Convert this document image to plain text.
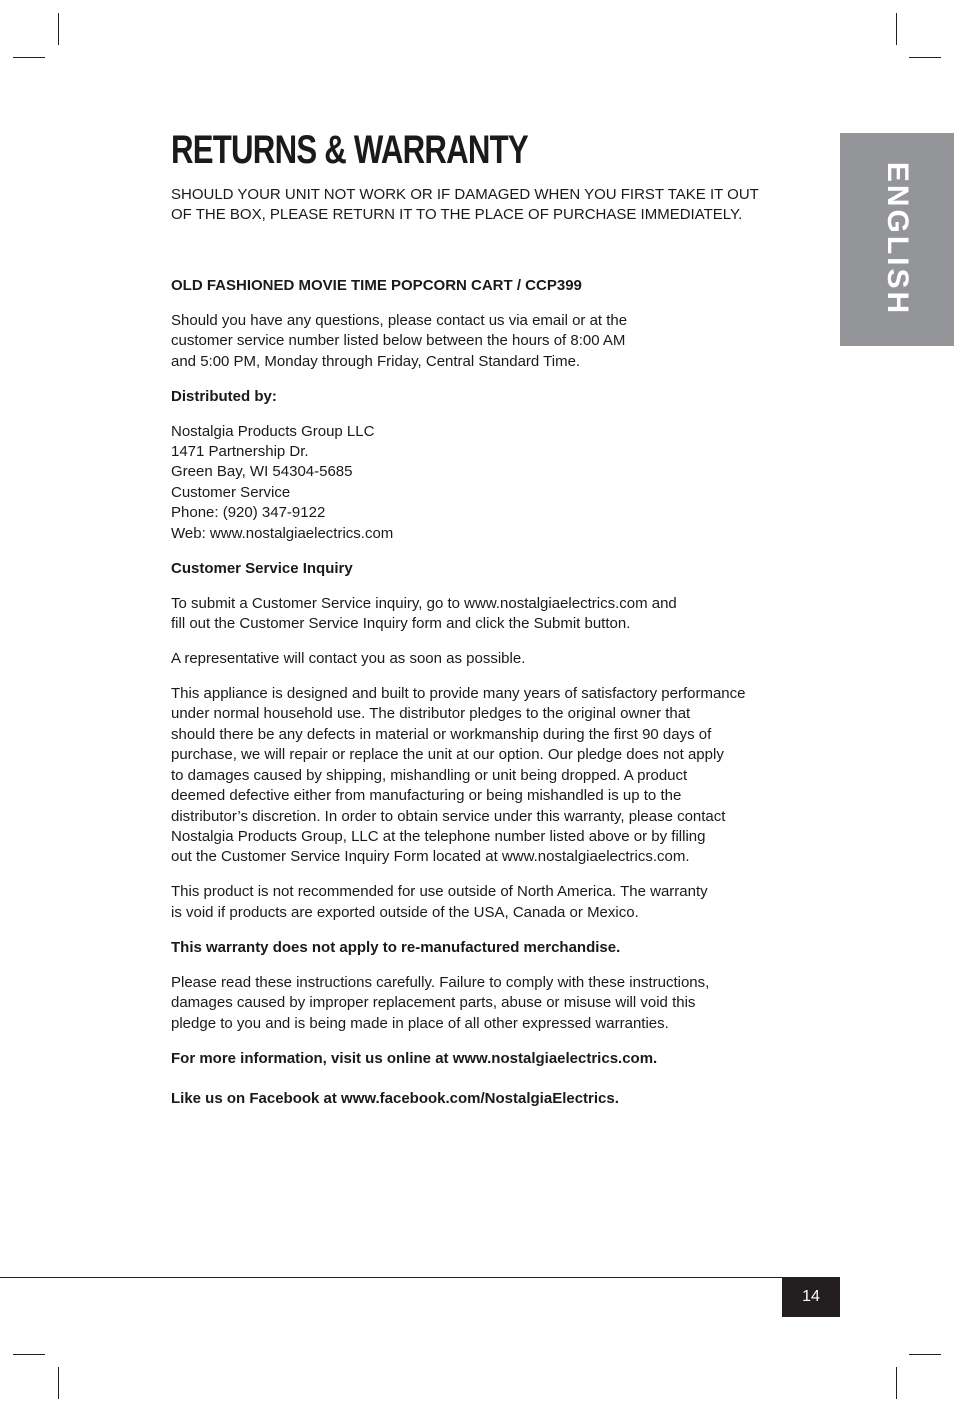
RETURNS & WARRANTY

SHOULD YOUR UNIT NOT WORK OR IF DAMAGED WHEN YOU FIRST TAKE IT OUT
OF THE BOX, PLEASE RETURN IT TO THE PLACE OF PURCHASE IMMEDIATELY.

OLD FASHIONED MOVIE TIME POPCORN CART / CCP399

Should you have any questions, please contact us via email or at the
customer service number listed below between the hours of 8:00 AM
and 5:00 PM, Monday through Friday, Central Standard Time.

Distributed by:

Nostalgia Products Group LLC
1471 Partnership Dr.
Green Bay, WI 54304-5685
Customer Service
Phone: (920) 347-9122
Web: www.nostalgiaelectrics.com

Customer Service Inquiry

To submit a Customer Service inquiry, go to www.nostalgiaelectrics.com and
fill out the Customer Service Inquiry form and click the Submit button.

A representative will contact you as soon as possible.

This appliance is designed and built to provide many years of satisfactory performance
under normal household use. The distributor pledges to the original owner that
should there be any defects in material or workmanship during the first 90 days of
purchase, we will repair or replace the unit at our option. Our pledge does not apply
to damages caused by shipping, mishandling or unit being dropped. A product
deemed defective either from manufacturing or being mishandled is up to the
distributor’s discretion. In order to obtain service under this warranty, please contact
Nostalgia Products Group, LLC at the telephone number listed above or by filling
out the Customer Service Inquiry Form located at www.nostalgiaelectrics.com.

This product is not recommended for use outside of North America. The warranty
is void if products are exported outside of the USA, Canada or Mexico.

This warranty does not apply to re-manufactured merchandise.

Please read these instructions carefully. Failure to comply with these instructions,
damages caused by improper replacement parts, abuse or misuse will void this
pledge to you and is being made in place of all other expressed warranties.

For more information, visit us online at www.nostalgiaelectrics.com.

Like us on Facebook at www.facebook.com/NostalgiaElectrics.

ENGLISH
14
